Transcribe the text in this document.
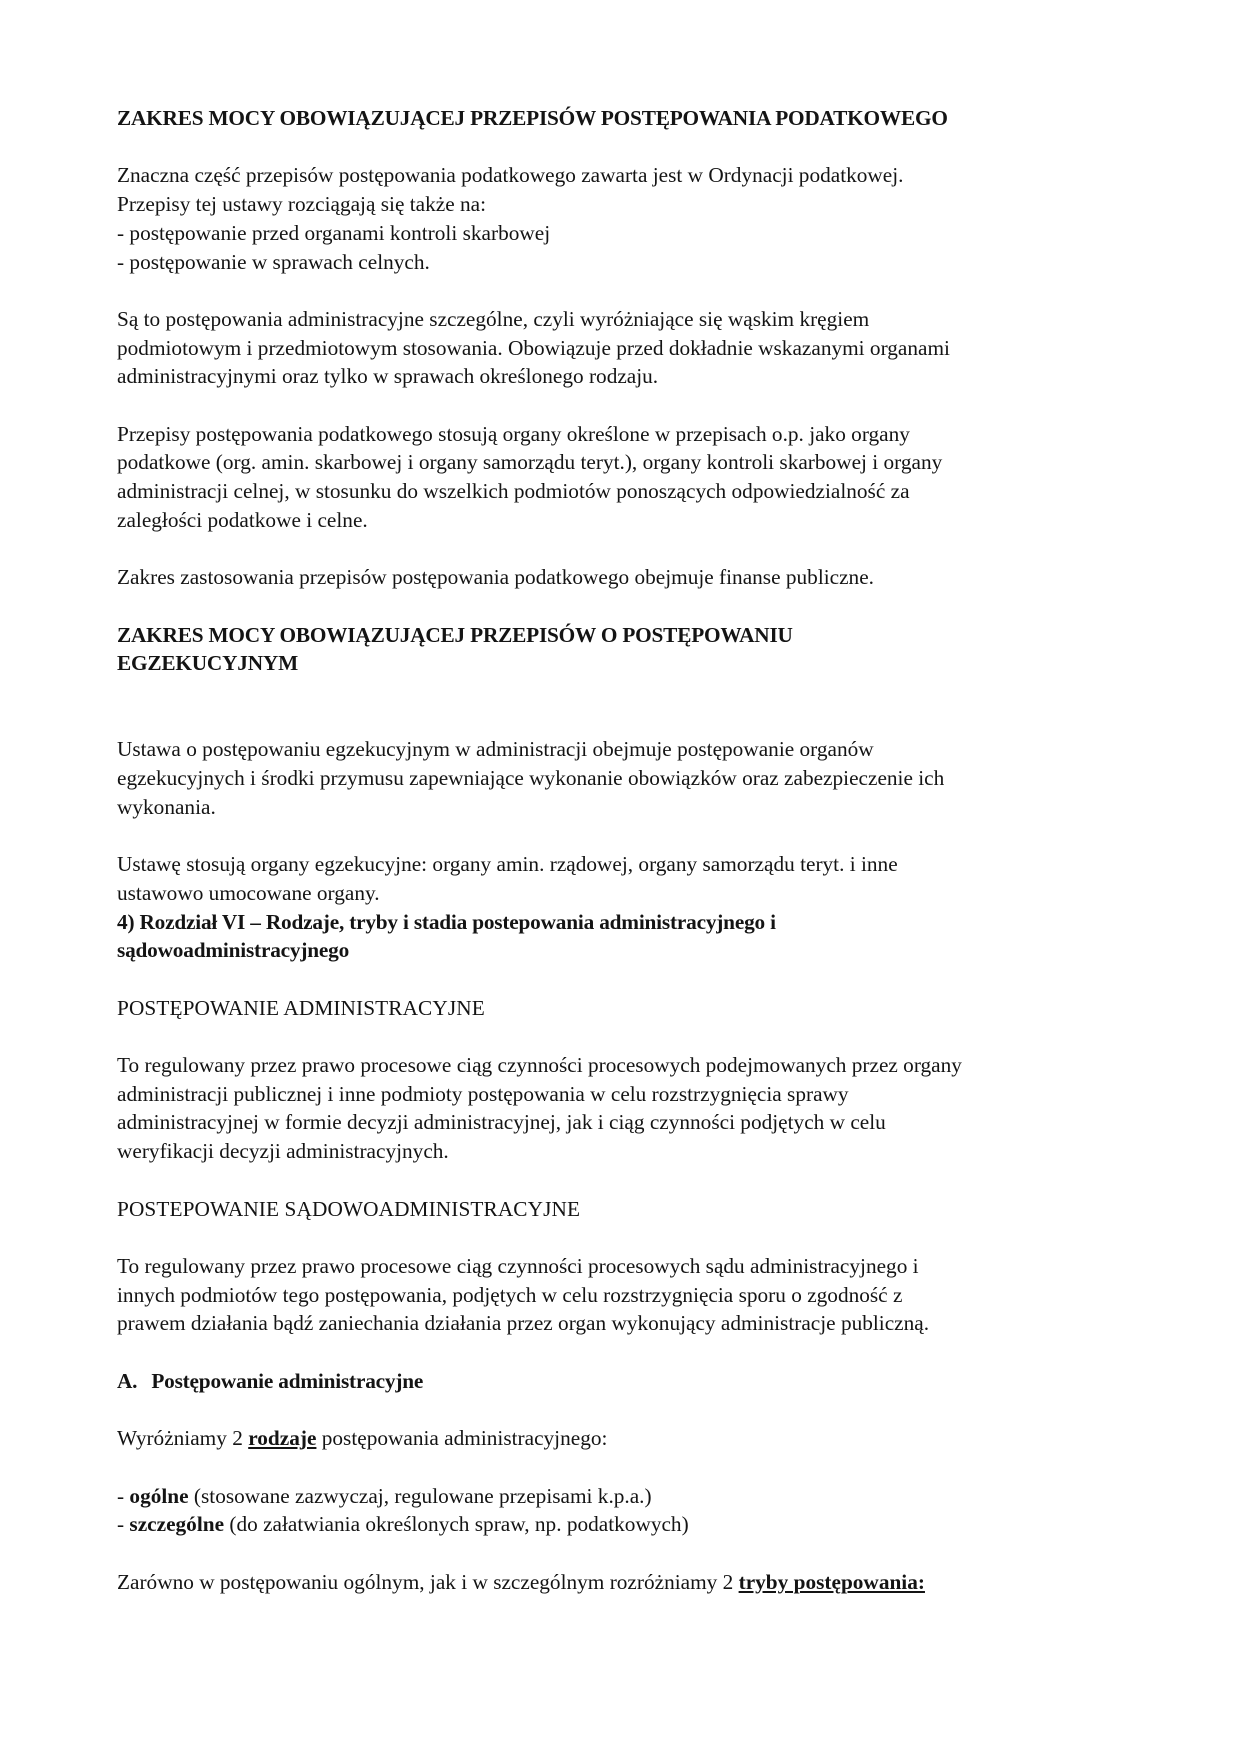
ZAKRES MOCY OBOWIĄZUJĄCEJ PRZEPISÓW POSTĘPOWANIA PODATKOWEGO

Znaczna część przepisów postępowania podatkowego zawarta jest w Ordynacji podatkowej.
Przepisy tej ustawy rozciągają się także na:
- postępowanie przed organami kontroli skarbowej
- postępowanie w sprawach celnych.

Są to postępowania administracyjne szczególne, czyli wyróżniające się wąskim kręgiem
podmiotowym i przedmiotowym stosowania. Obowiązuje przed dokładnie wskazanymi organami
administracyjnymi oraz tylko w sprawach określonego rodzaju.

Przepisy postępowania podatkowego stosują organy określone w przepisach o.p. jako organy
podatkowe (org. amin. skarbowej i organy samorządu teryt.), organy kontroli skarbowej i organy
administracji celnej, w stosunku do wszelkich podmiotów ponoszących odpowiedzialność za
zaległości podatkowe i celne.

Zakres zastosowania przepisów postępowania podatkowego obejmuje finanse publiczne.

ZAKRES MOCY OBOWIĄZUJĄCEJ PRZEPISÓW O POSTĘPOWANIU
EGZEKUCYJNYM

Ustawa o postępowaniu egzekucyjnym w administracji obejmuje postępowanie organów
egzekucyjnych i środki przymusu zapewniające wykonanie obowiązków oraz zabezpieczenie ich
wykonania.

Ustawę stosują organy egzekucyjne: organy amin. rządowej, organy samorządu teryt. i inne
ustawowo umocowane organy.

4) Rozdział VI – Rodzaje, tryby i stadia postepowania administracyjnego i
sądowoadministracyjnego

POSTĘPOWANIE ADMINISTRACYJNE

To regulowany przez prawo procesowe ciąg czynności procesowych podejmowanych przez organy
administracji publicznej i inne podmioty postępowania w celu rozstrzygnięcia sprawy
administracyjnej w formie decyzji administracyjnej, jak i ciąg czynności podjętych w celu
weryfikacji decyzji administracyjnych.

POSTEPOWANIE SĄDOWOADMINISTRACYJNE

To regulowany przez prawo procesowe ciąg czynności procesowych sądu administracyjnego i
innych podmiotów tego postępowania, podjętych w celu rozstrzygnięcia sporu o zgodność z
prawem działania bądź zaniechania działania przez organ wykonujący administracje publiczną.

A. Postępowanie administracyjne

Wyróżniamy 2 rodzaje postępowania administracyjnego:

- ogólne (stosowane zazwyczaj, regulowane przepisami k.p.a.)
- szczególne (do załatwiania określonych spraw, np. podatkowych)

Zarówno w postępowaniu ogólnym, jak i w szczególnym rozróżniamy 2 tryby postępowania:
